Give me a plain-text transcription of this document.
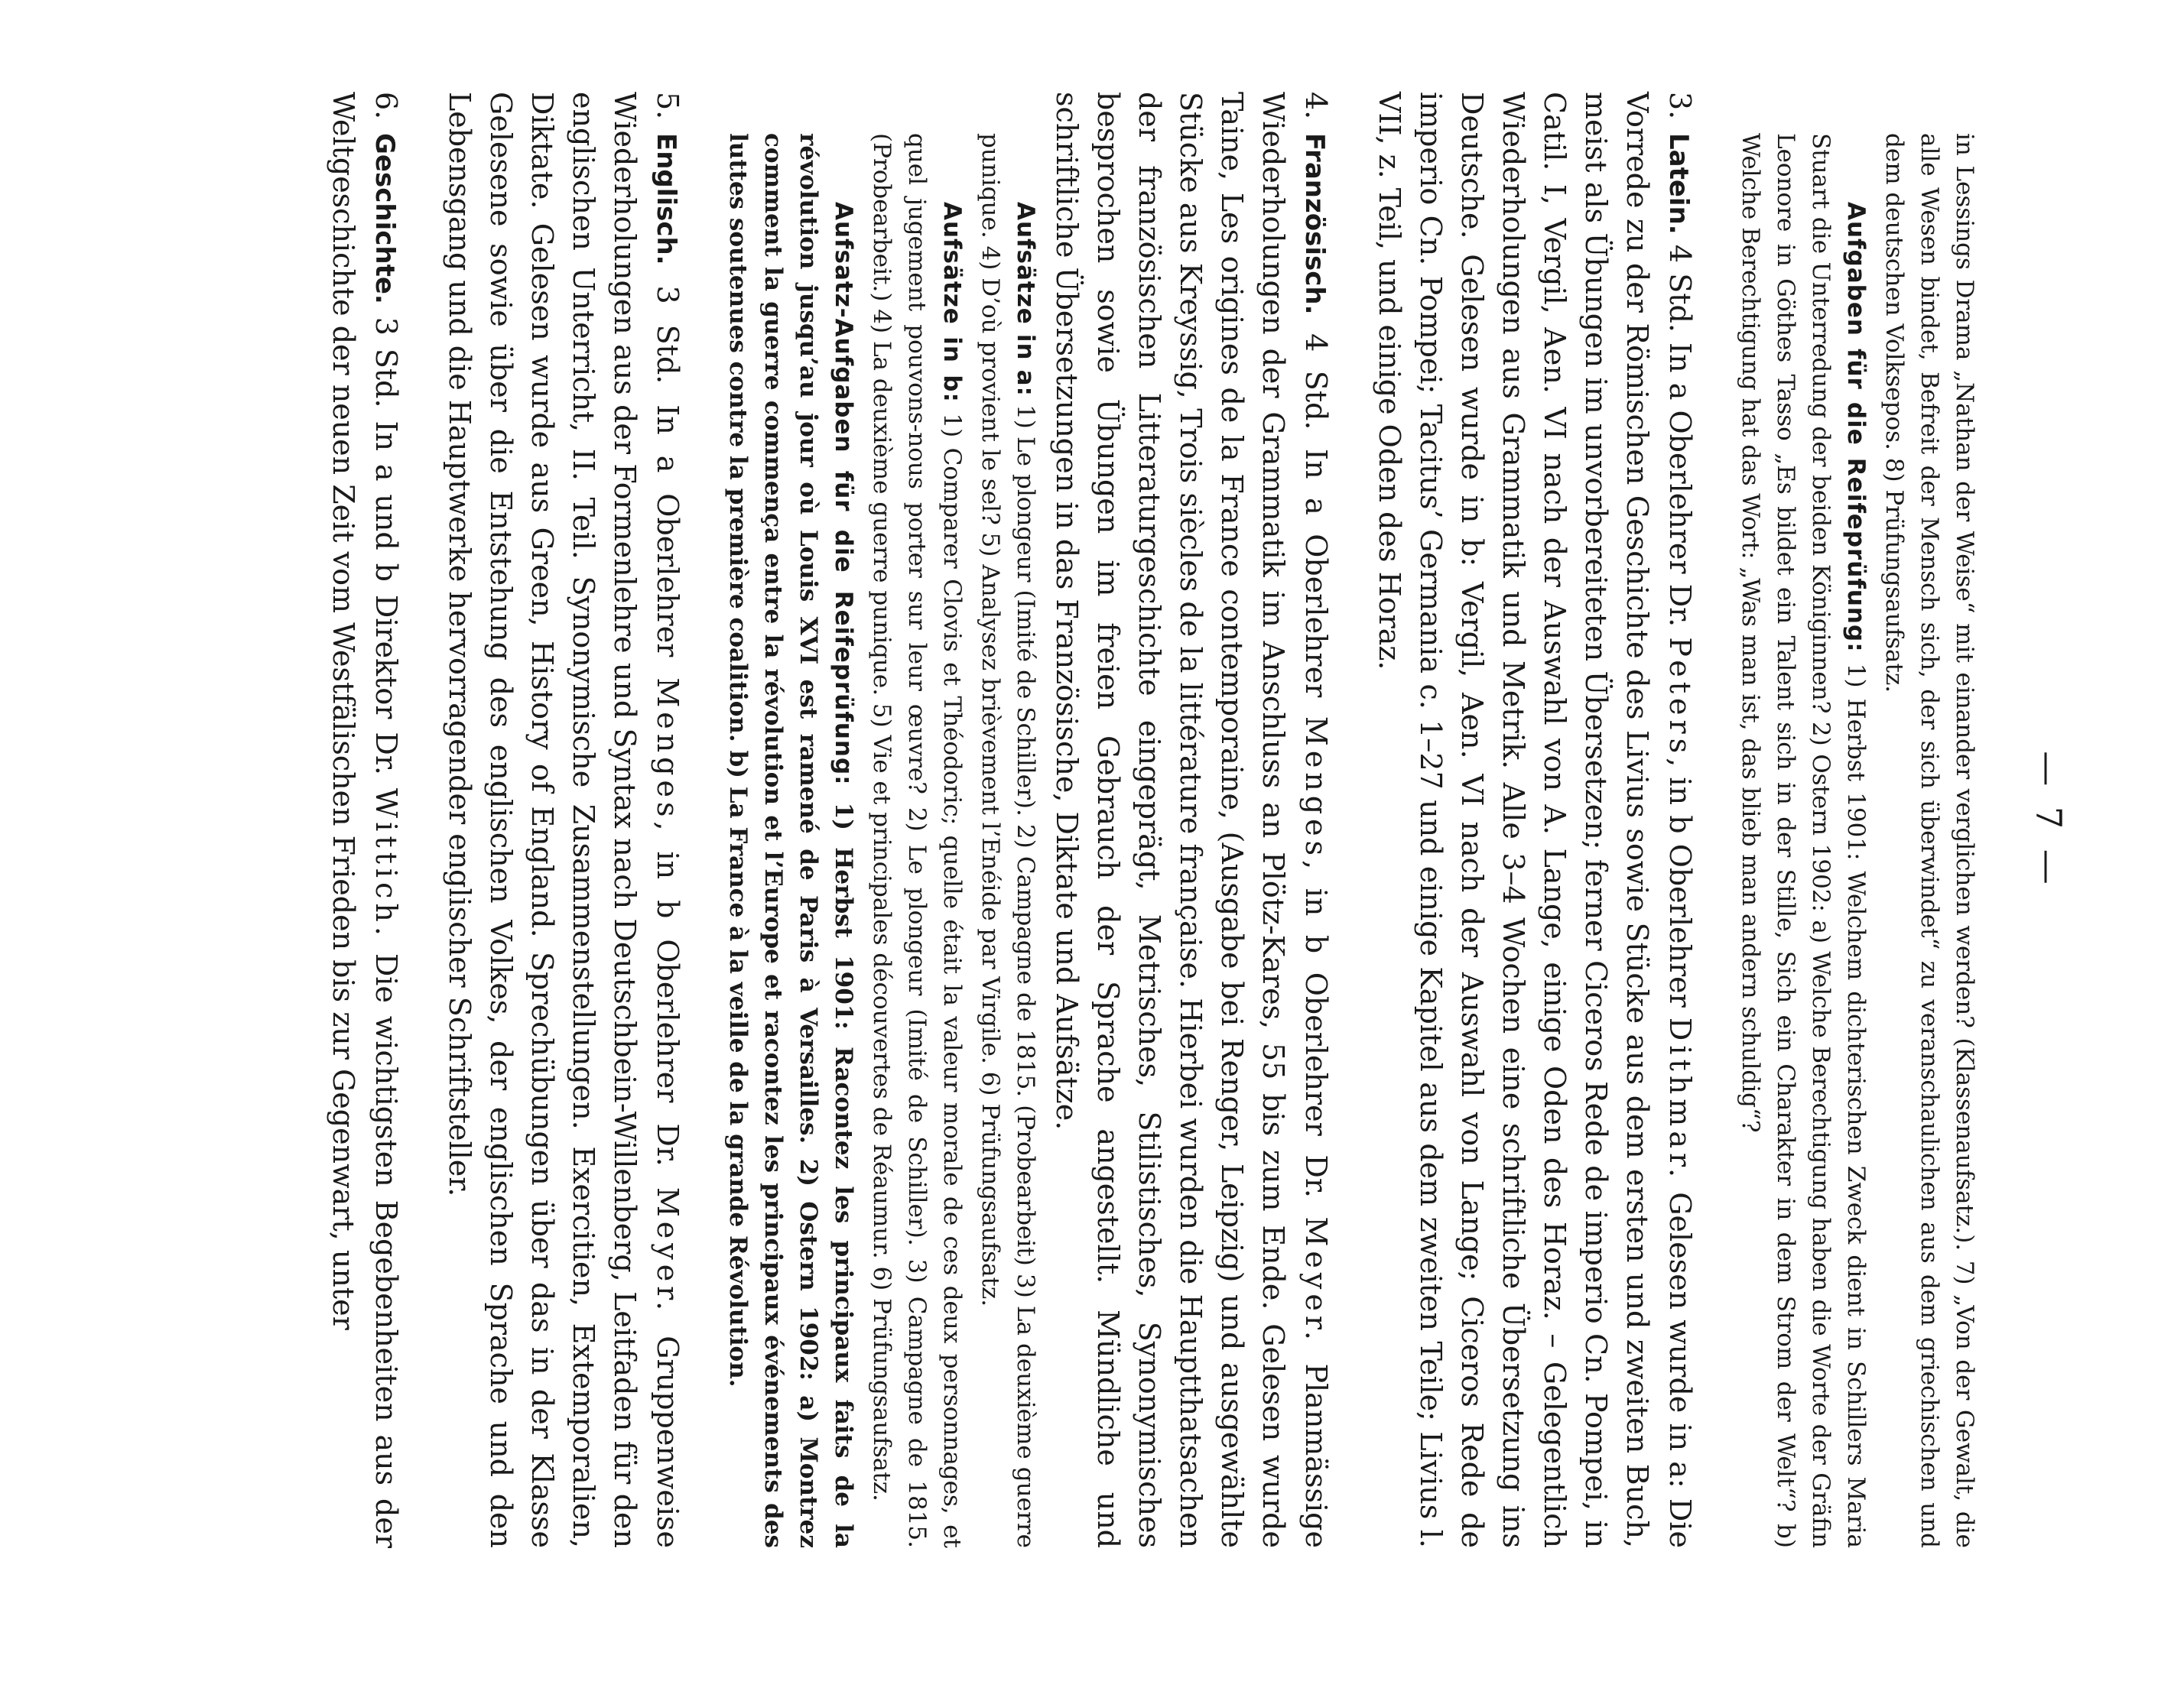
— 7 —

in Lessings Drama „Nathan der Weise“ mit einander verglichen werden? (Klassenaufsatz.). 7) „Von der Gewalt, die alle Wesen bindet, Befreit der Mensch sich, der sich überwindet“ zu veranschaulichen aus dem griechischen und dem deutschen Volksepos. 8) Prüfungsaufsatz.

Aufgaben für die Reifeprüfung: 1) Herbst 1901: Welchem dichterischen Zweck dient in Schillers Maria Stuart die Unterredung der beiden Königinnen? 2) Ostern 1902: a) Welche Berechtigung haben die Worte der Gräfin Leonore in Göthes Tasso „Es bildet ein Talent sich in der Stille, Sich ein Charakter in dem Strom der Welt“? b) Welche Berechtigung hat das Wort: „Was man ist, das blieb man andern schuldig“?

3.Latein. 4 Std. In a Oberlehrer Dr. Peters, in b Oberlehrer Dithmar. Gelesen wurde in a: Die Vorrede zu der Römischen Geschichte des Livius sowie Stücke aus dem ersten und zweiten Buch, meist als Übungen im unvorbereiteten Übersetzen; ferner Ciceros Rede de imperio Cn. Pompei, in Catil. I, Vergil, Aen. VI nach der Auswahl von A. Lange, einige Oden des Horaz. – Gelegentlich Wiederholungen aus Grammatik und Metrik. Alle 3–4 Wochen eine schriftliche Übersetzung ins Deutsche. Gelesen wurde in b: Vergil, Aen. VI nach der Auswahl von Lange; Ciceros Rede de imperio Cn. Pompei; Tacitus’ Germania c. 1–27 und einige Kapitel aus dem zweiten Teile; Livius l. VII, z. Teil, und einige Oden des Horaz.

4.Französisch. 4 Std. In a Oberlehrer Menges, in b Oberlehrer Dr. Meyer. Planmässige Wiederholungen der Grammatik im Anschluss an Plötz-Kares, 55 bis zum Ende. Gelesen wurde Taine, Les origines de la France contemporaine, (Ausgabe bei Renger, Leipzig) und ausgewählte Stücke aus Kreyssig, Trois siècles de la littérature française. Hierbei wurden die Hauptthatsachen der französischen Litteraturgeschichte eingeprägt, Metrisches, Stilistisches, Synonymisches besprochen sowie Übungen im freien Gebrauch der Sprache angestellt. Mündliche und schriftliche Übersetzungen in das Französische, Diktate und Aufsätze.

Aufsätze in a: 1) Le plongeur (Imité de Schiller). 2) Campagne de 1815. (Probearbeit) 3) La deuxième guerre punique. 4) D’où provient le sel? 5) Analysez brièvement l’Enéide par Virgile. 6) Prüfungsaufsatz.

Aufsätze in b: 1) Comparer Clovis et Théodoric; quelle était la valeur morale de ces deux personnages, et quel jugement pouvons-nous porter sur leur œuvre? 2) Le plongeur (Imité de Schiller). 3) Campagne de 1815. (Probearbeit.) 4) La deuxième guerre punique. 5) Vie et principales découvertes de Réaumur. 6) Prüfungsaufsatz.

Aufsatz-Aufgaben für die Reifeprüfung: 1) Herbst 1901: Racontez les principaux faits de la révolution jusqu’au jour où Louis XVI est ramené de Paris à Versailles. 2) Ostern 1902: a) Montrez comment la guerre commença entre la révolution et l’Europe et racontez les principaux événements des luttes soutenues contre la première coalition. b) La France à la veille de la grande Révolution.

5.Englisch. 3 Std. In a Oberlehrer Menges, in b Oberlehrer Dr. Meyer. Gruppenweise Wiederholungen aus der Formenlehre und Syntax nach Deutschbein-Willenberg, Leitfaden für den englischen Unterricht, II. Teil. Synonymische Zusammenstellungen. Exercitien, Extemporalien, Diktate. Gelesen wurde aus Green, History of England. Sprechübungen über das in der Klasse Gelesene sowie über die Entstehung des englischen Volkes, der englischen Sprache und den Lebensgang und die Hauptwerke hervorragender englischer Schriftsteller.

6.Geschichte. 3 Std. In a und b Direktor Dr. Wittich. Die wichtigsten Begebenheiten aus der Weltgeschichte der neuen Zeit vom Westfälischen Frieden bis zur Gegenwart, unter
